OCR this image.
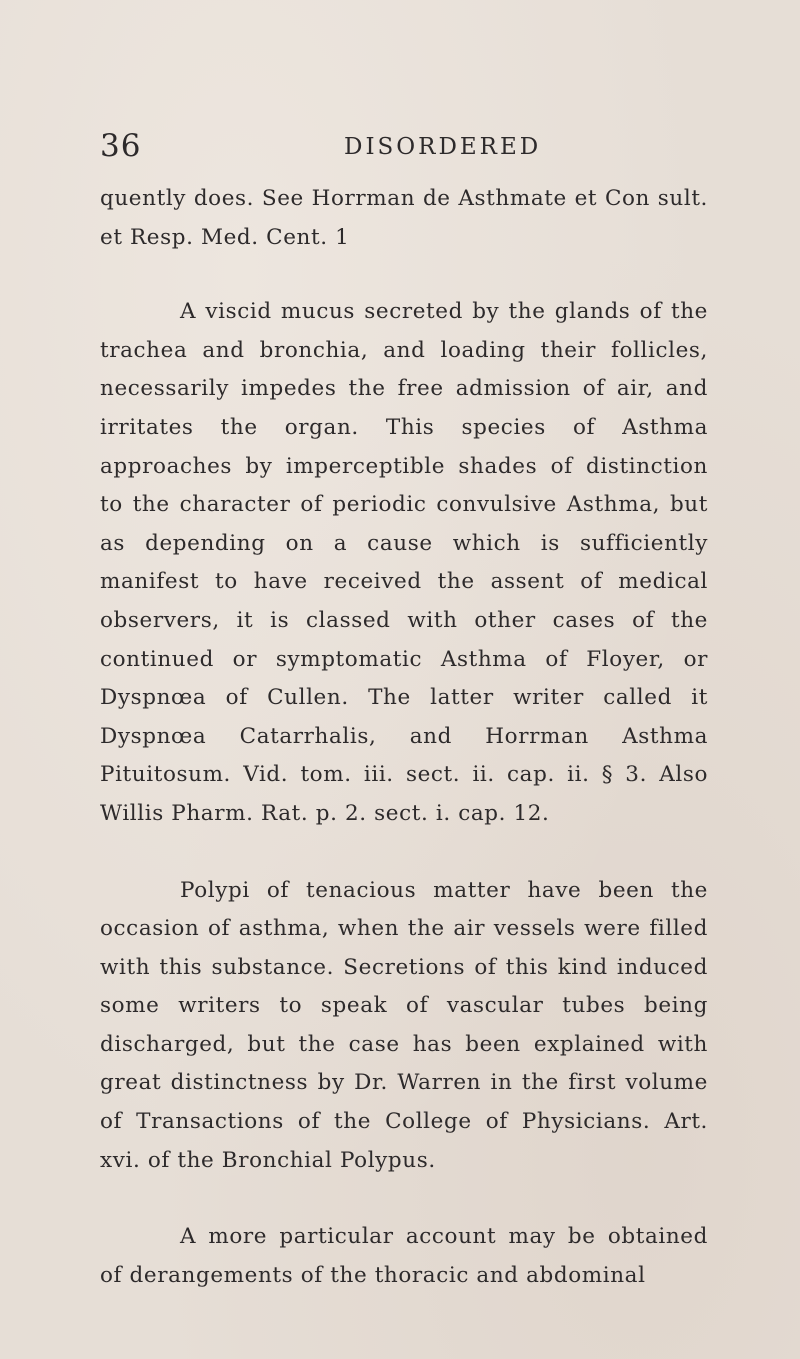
36	DISORDERED

quently does. See Horrman de Asthmate et Con sult. et Resp. Med. Cent. 1

A viscid mucus secreted by the glands of the trachea and bronchia, and loading their follicles, necessarily impedes the free admission of air, and irritates the organ. This species of Asthma approaches by imperceptible shades of distinction to the character of periodic convulsive Asthma, but as depending on a cause which is sufficiently manifest to have received the assent of medical observers, it is classed with other cases of the continued or symptomatic Asthma of Floyer, or Dyspnœa of Cullen. The latter writer called it Dyspnœa Catarrhalis, and Horrman Asthma Pituitosum. Vid. tom. iii. sect. ii. cap. ii. § 3. Also Willis Pharm. Rat. p. 2. sect. i. cap. 12.

Polypi of tenacious matter have been the occasion of asthma, when the air vessels were filled with this substance. Secretions of this kind induced some writers to speak of vascular tubes being discharged, but the case has been explained with great distinctness by Dr. Warren in the first volume of Transactions of the College of Physicians. Art. xvi. of the Bronchial Polypus.

A more particular account may be obtained of derangements of the thoracic and abdominal
